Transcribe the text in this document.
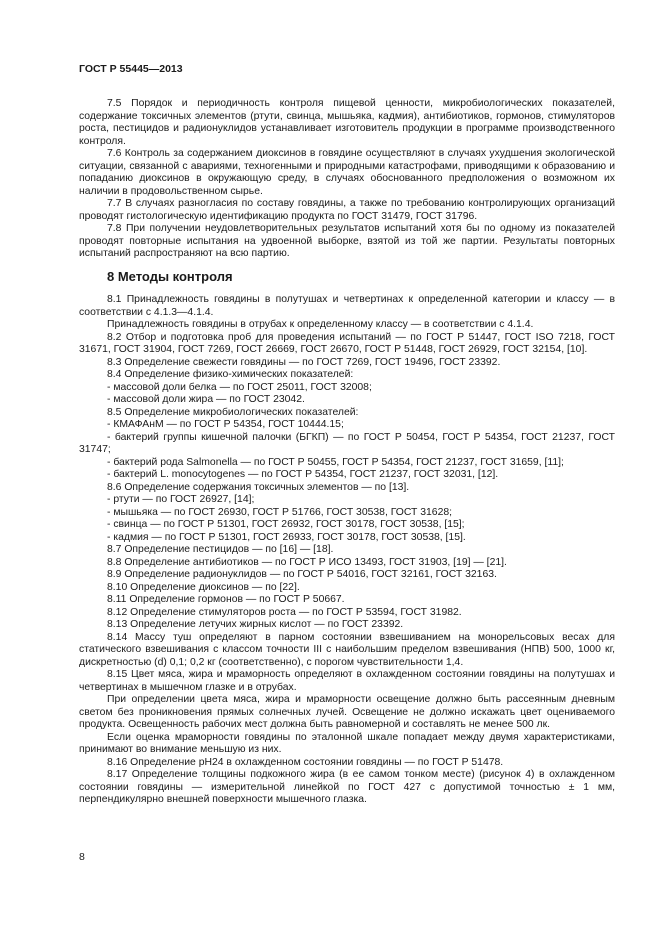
ГОСТ Р 55445—2013

7.5 Порядок и периодичность контроля пищевой ценности, микробиологических показателей, содержание токсичных элементов (ртути, свинца, мышьяка, кадмия), антибиотиков, гормонов, стимуляторов роста, пестицидов и радионуклидов устанавливает изготовитель продукции в программе производственного контроля.

7.6 Контроль за содержанием диоксинов в говядине осуществляют в случаях ухудшения экологической ситуации, связанной с авариями, техногенными и природными катастрофами, приводящими к образованию и попаданию диоксинов в окружающую среду, в случаях обоснованного предположения о возможном их наличии в продовольственном сырье.

7.7 В случаях разногласия по составу говядины, а также по требованию контролирующих организаций проводят гистологическую идентификацию продукта по ГОСТ 31479, ГОСТ 31796.

7.8 При получении неудовлетворительных результатов испытаний хотя бы по одному из показателей проводят повторные испытания на удвоенной выборке, взятой из той же партии. Результаты повторных испытаний распространяют на всю партию.

8 Методы контроля

8.1 Принадлежность говядины в полутушах и четвертинах к определенной категории и классу — в соответствии с 4.1.3—4.1.4.

Принадлежность говядины в отрубах к определенному классу — в соответствии с 4.1.4.

8.2 Отбор и подготовка проб для проведения испытаний — по ГОСТ Р 51447, ГОСТ ISO 7218, ГОСТ 31671, ГОСТ 31904, ГОСТ 7269, ГОСТ 26669, ГОСТ 26670, ГОСТ Р 51448, ГОСТ 26929, ГОСТ 32154, [10].

8.3 Определение свежести говядины — по ГОСТ 7269, ГОСТ 19496, ГОСТ 23392.

8.4 Определение физико-химических показателей:

- массовой доли белка — по ГОСТ 25011, ГОСТ 32008;

- массовой доли жира — по ГОСТ 23042.

8.5 Определение микробиологических показателей:

- КМАФАнМ — по ГОСТ Р 54354, ГОСТ 10444.15;

- бактерий группы кишечной палочки (БГКП) — по ГОСТ Р 50454, ГОСТ Р 54354, ГОСТ 21237, ГОСТ 31747;

- бактерий рода Salmonella — по ГОСТ Р 50455, ГОСТ Р 54354, ГОСТ 21237, ГОСТ 31659, [11];

- бактерий L. monocytogenes — по ГОСТ Р 54354, ГОСТ 21237, ГОСТ 32031, [12].

8.6 Определение содержания токсичных элементов — по [13].

- ртути — по ГОСТ 26927, [14];

- мышьяка — по ГОСТ 26930, ГОСТ Р 51766, ГОСТ 30538, ГОСТ 31628;

- свинца — по ГОСТ Р 51301, ГОСТ 26932, ГОСТ 30178, ГОСТ 30538, [15];

- кадмия — по ГОСТ Р 51301, ГОСТ 26933, ГОСТ 30178, ГОСТ 30538, [15].

8.7 Определение пестицидов — по [16] — [18].

8.8 Определение антибиотиков — по ГОСТ Р ИСО 13493, ГОСТ 31903, [19] — [21].

8.9 Определение радионуклидов — по ГОСТ Р 54016, ГОСТ 32161, ГОСТ 32163.

8.10 Определение диоксинов — по [22].

8.11 Определение гормонов — по ГОСТ Р 50667.

8.12 Определение стимуляторов роста — по ГОСТ Р 53594, ГОСТ 31982.

8.13 Определение летучих жирных кислот — по ГОСТ 23392.

8.14 Массу туш определяют в парном состоянии взвешиванием на монорельсовых весах для статического взвешивания с классом точности III с наибольшим пределом взвешивания (НПВ) 500, 1000 кг, дискретностью (d) 0,1; 0,2 кг (соответственно), с порогом чувствительности 1,4.

8.15 Цвет мяса, жира и мраморность определяют в охлажденном состоянии говядины на полутушах и четвертинах в мышечном глазке и в отрубах.

При определении цвета мяса, жира и мраморности освещение должно быть рассеянным дневным светом без проникновения прямых солнечных лучей. Освещение не должно искажать цвет оцениваемого продукта. Освещенность рабочих мест должна быть равномерной и составлять не менее 500 лк.

Если оценка мраморности говядины по эталонной шкале попадает между двумя характеристиками, принимают во внимание меньшую из них.

8.16 Определение pH24 в охлажденном состоянии говядины — по ГОСТ Р 51478.

8.17 Определение толщины подкожного жира (в ее самом тонком месте) (рисунок 4) в охлажденном состоянии говядины — измерительной линейкой по ГОСТ 427 с допустимой точностью ± 1 мм, перпендикулярно внешней поверхности мышечного глазка.

8
